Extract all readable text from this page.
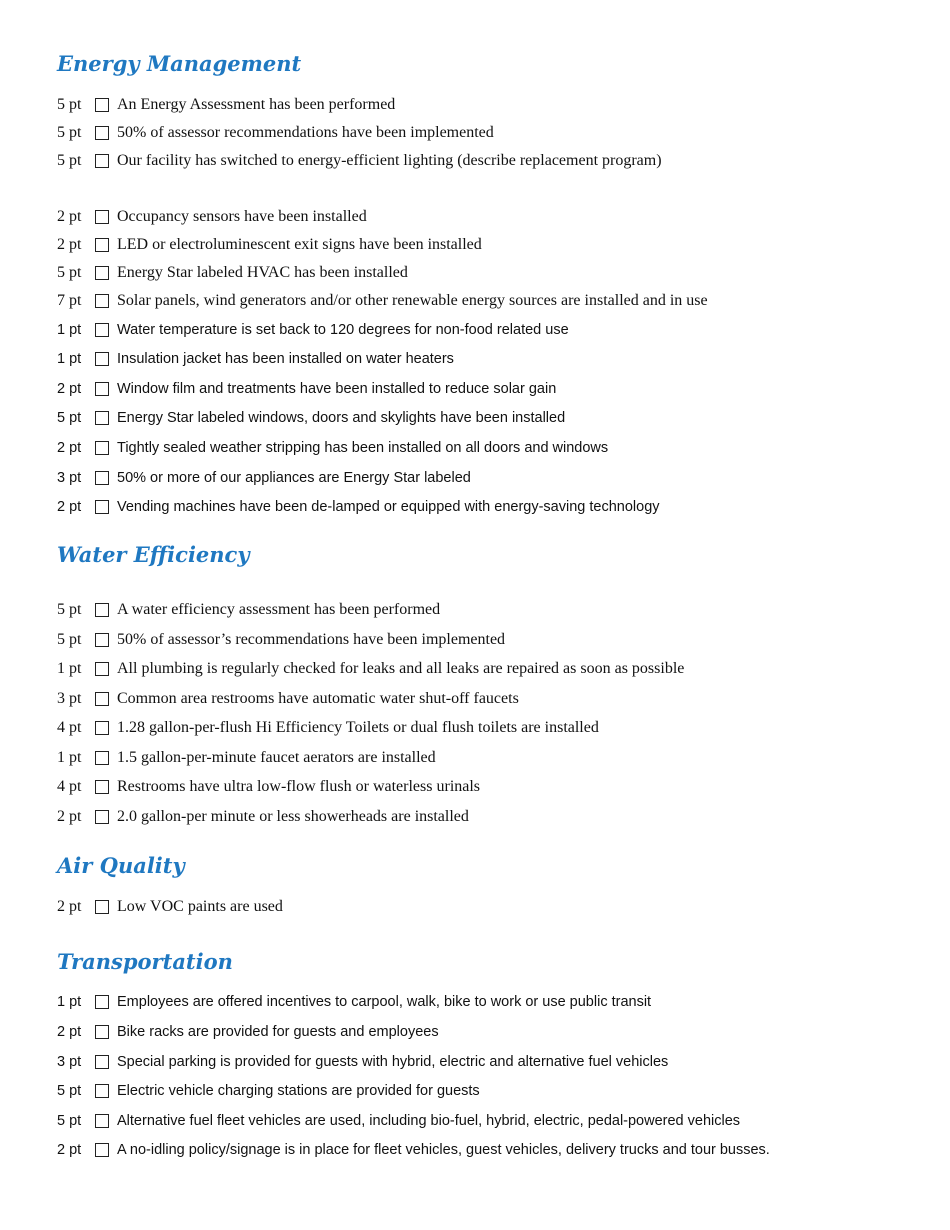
Energy Management
5 pt	An Energy Assessment has been performed
5 pt	50% of assessor recommendations have been implemented
5 pt	Our facility has switched to energy-efficient lighting (describe replacement program)
2 pt	Occupancy sensors have been installed
2 pt	LED or electroluminescent exit signs have been installed
5 pt	Energy Star labeled HVAC has been installed
7 pt	Solar panels, wind generators and/or other renewable energy sources are installed and in use
1 pt	Water temperature is set back to 120 degrees for non-food related use
1 pt	Insulation jacket has been installed on water heaters
2 pt	Window film and treatments have been installed to reduce solar gain
5 pt	Energy Star labeled windows, doors and skylights have been installed
2 pt	Tightly sealed weather stripping has been installed on all doors and windows
3 pt	50% or more of our appliances are Energy Star labeled
2 pt	Vending machines have been de-lamped or equipped with energy-saving technology
Water Efficiency
5 pt	A water efficiency assessment has been performed
5 pt	50% of assessor’s recommendations have been implemented
1 pt	All plumbing is regularly checked for leaks and all leaks are repaired as soon as possible
3 pt	Common area restrooms have automatic water shut-off faucets
4 pt	1.28 gallon-per-flush Hi Efficiency Toilets or dual flush toilets are installed
1 pt	1.5 gallon-per-minute faucet aerators are installed
4 pt	Restrooms have ultra low-flow flush or waterless urinals
2 pt	2.0 gallon-per minute or less showerheads are installed
Air Quality
2 pt	Low VOC paints are used
Transportation
1 pt	Employees are offered incentives to carpool, walk, bike to work or use public transit
2 pt	Bike racks are provided for guests and employees
3 pt	Special parking is provided for guests with hybrid, electric and alternative fuel vehicles
5 pt	Electric vehicle charging stations are provided for guests
5 pt	Alternative fuel fleet vehicles are used, including bio-fuel, hybrid, electric, pedal-powered vehicles
2 pt	A no-idling policy/signage is in place for fleet vehicles, guest vehicles, delivery trucks and tour busses.
